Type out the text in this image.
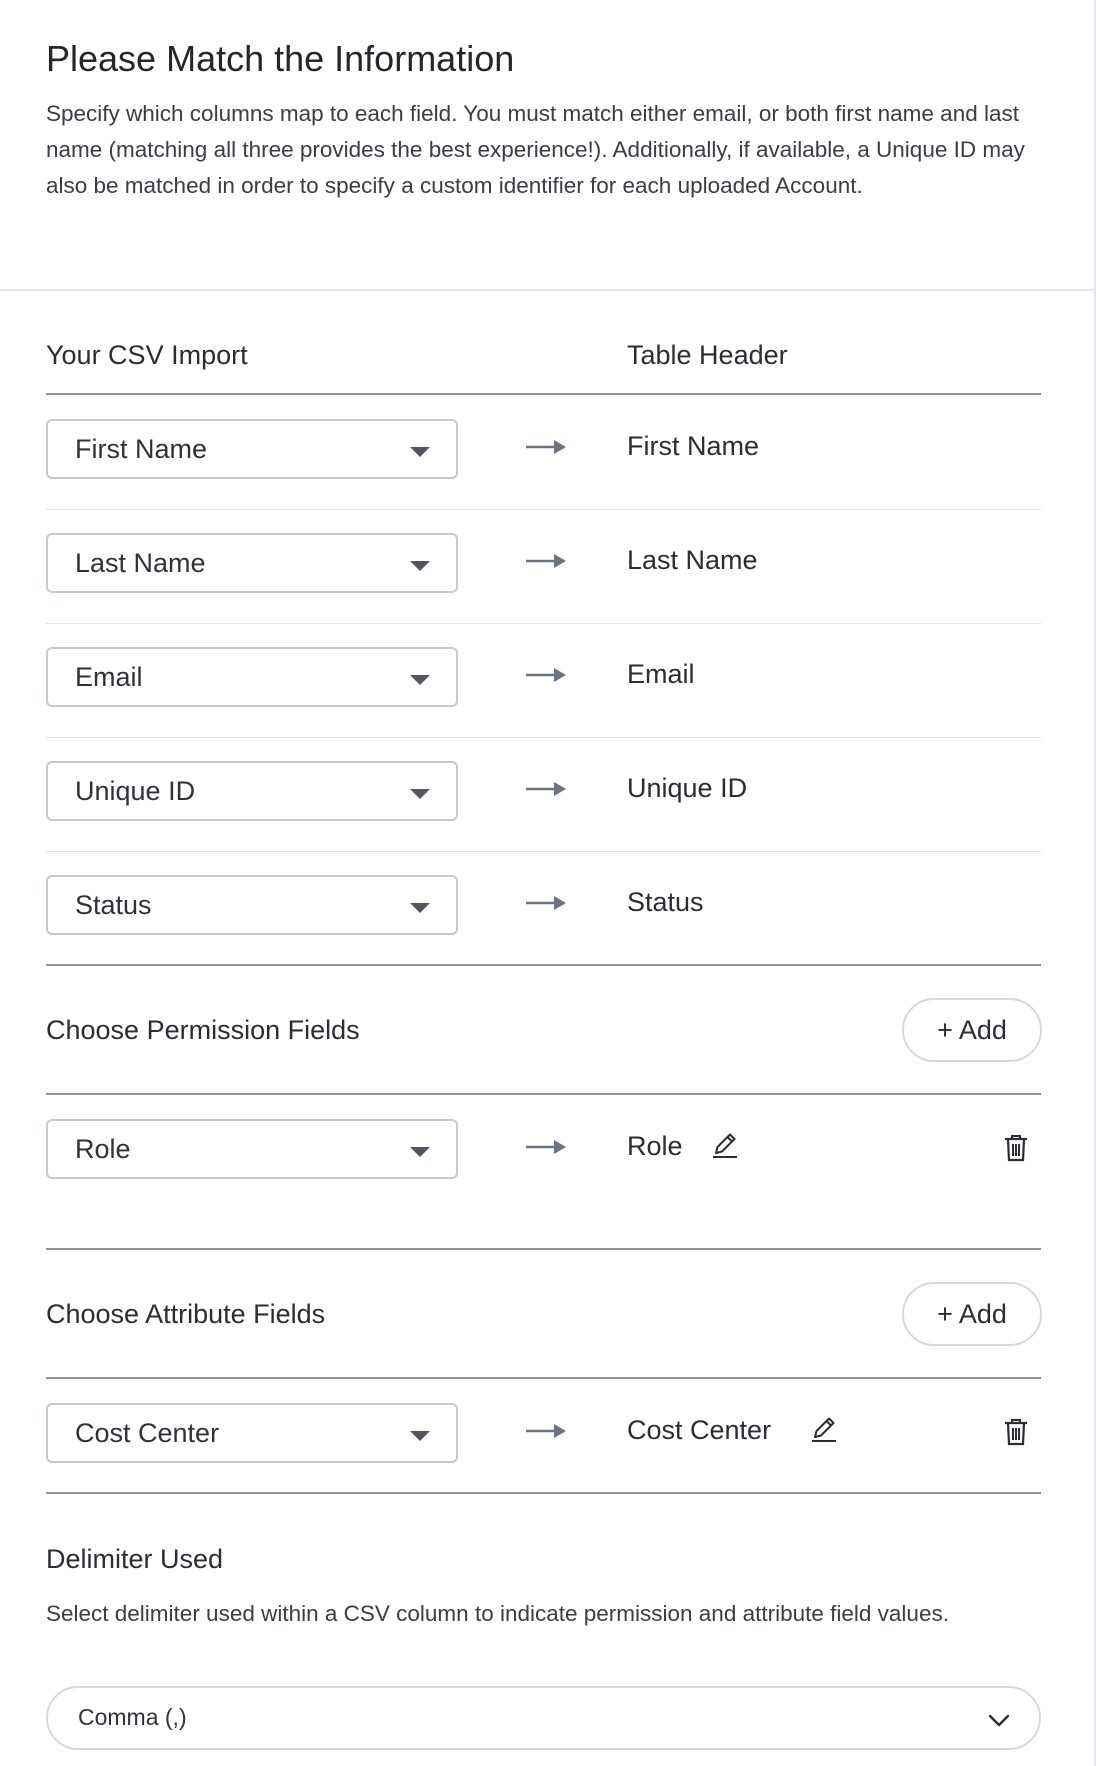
Please Match the Information

Specify which columns map to each field. You must match either email, or both first name and last name (matching all three provides the best experience!). Additionally, if available, a Unique ID may also be matched in order to specify a custom identifier for each uploaded Account.

Your CSV Import	Table Header
First Name	First Name
Last Name	Last Name
Email	Email
Unique ID	Unique ID
Status	Status
Choose Permission Fields	+ Add
Role	Role
Choose Attribute Fields	+ Add
Cost Center	Cost Center
Delimiter Used

Select delimiter used within a CSV column to indicate permission and attribute field values.

Comma (,)
